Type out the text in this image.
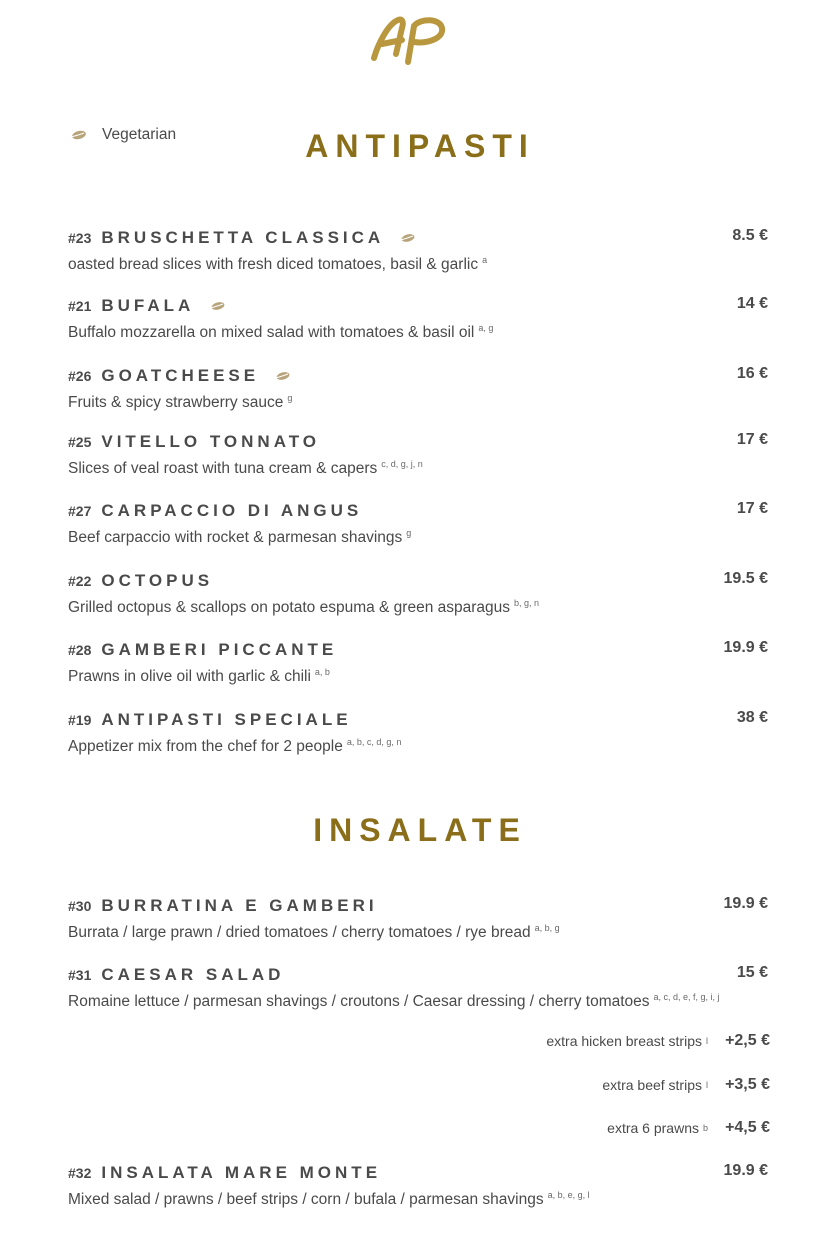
Vegetarian	ANTIPASTI
#23 BRUSCHETTA CLASSICA	8.5 €
oasted bread slices with fresh diced tomatoes, basil & garlic $^a$
#21 BUFALA	14 €
Buffalo mozzarella on mixed salad with tomatoes & basil oil $^{a, g}$
#26 GOATCHEESE	16 €
Fruits & spicy strawberry sauce $^g$
#25 VITELLO TONNATO	17 €
Slices of veal roast with tuna cream & capers $^{c, d, g, j, n}$
#27 CARPACCIO DI ANGUS	17 €
Beef carpaccio with rocket & parmesan shavings $^g$
#22 OCTOPUS	19.5 €
Grilled octopus & scallops on potato espuma & green asparagus $^{b, g, n}$
#28 GAMBERI PICCANTE	19.9 €
Prawns in olive oil with garlic & chili $^{a, b}$
#19 ANTIPASTI SPECIALE	38 €
Appetizer mix from the chef for 2 people $^{a, b, c, d, g, n}$
INSALATE
#30 BURRATINA E GAMBERI	19.9 €
Burrata / large prawn / dried tomatoes / cherry tomatoes / rye bread $^{a, b, g}$
#31 CAESAR SALAD	15 €
Romaine lettuce / parmesan shavings / croutons / Caesar dressing / cherry tomatoes $^{a, c, d, e, f, g, i, j}$
#32 INSALATA MARE MONTE	19.9 €
Mixed salad / prawns / beef strips / corn / bufala / parmesan shavings $^{a, b, e, g, l}$
extra hicken breast strips l	+2,5 €
extra beef strips l	+3,5 €
extra 6 prawns b	+4,5 €
